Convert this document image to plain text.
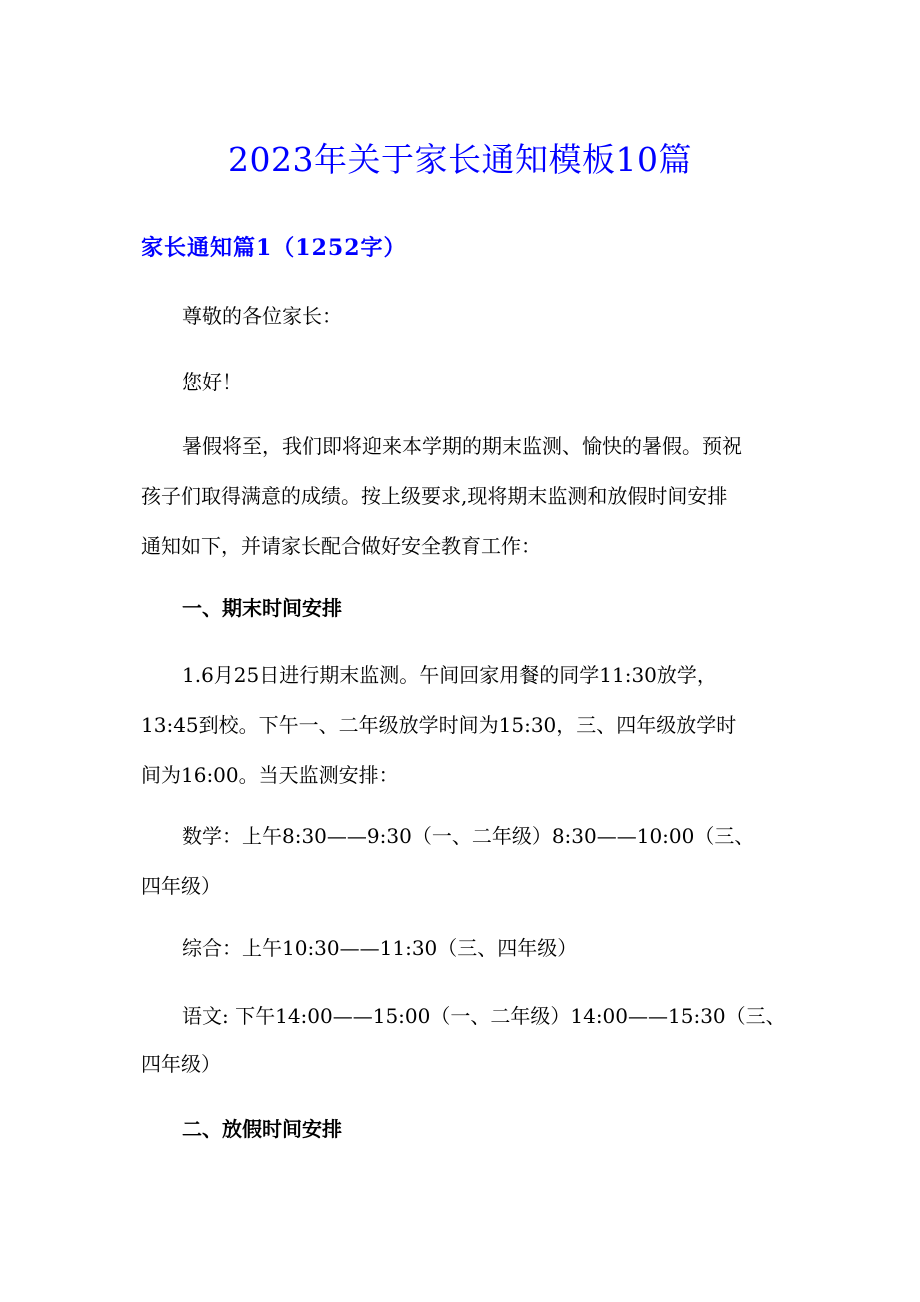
2023年关于家长通知模板10篇
家长通知篇1（1252字）

尊敬的各位家长：

您好！

暑假将至，我们即将迎来本学期的期末监测、愉快的暑假。预祝

孩子们取得满意的成绩。按上级要求,现将期末监测和放假时间安排

通知如下，并请家长配合做好安全教育工作：

一、期末时间安排

1.6月25日进行期末监测。午间回家用餐的同学11:30放学，

13:45到校。下午一、二年级放学时间为15:30，三、四年级放学时

间为16:00。当天监测安排：

数学：上午8:30——9:30（一、二年级）8:30——10:00（三、

四年级）

综合：上午10:30——11:30（三、四年级）

语文: 下午14:00——15:00（一、二年级）14:00——15:30（三、

四年级）

二、放假时间安排
